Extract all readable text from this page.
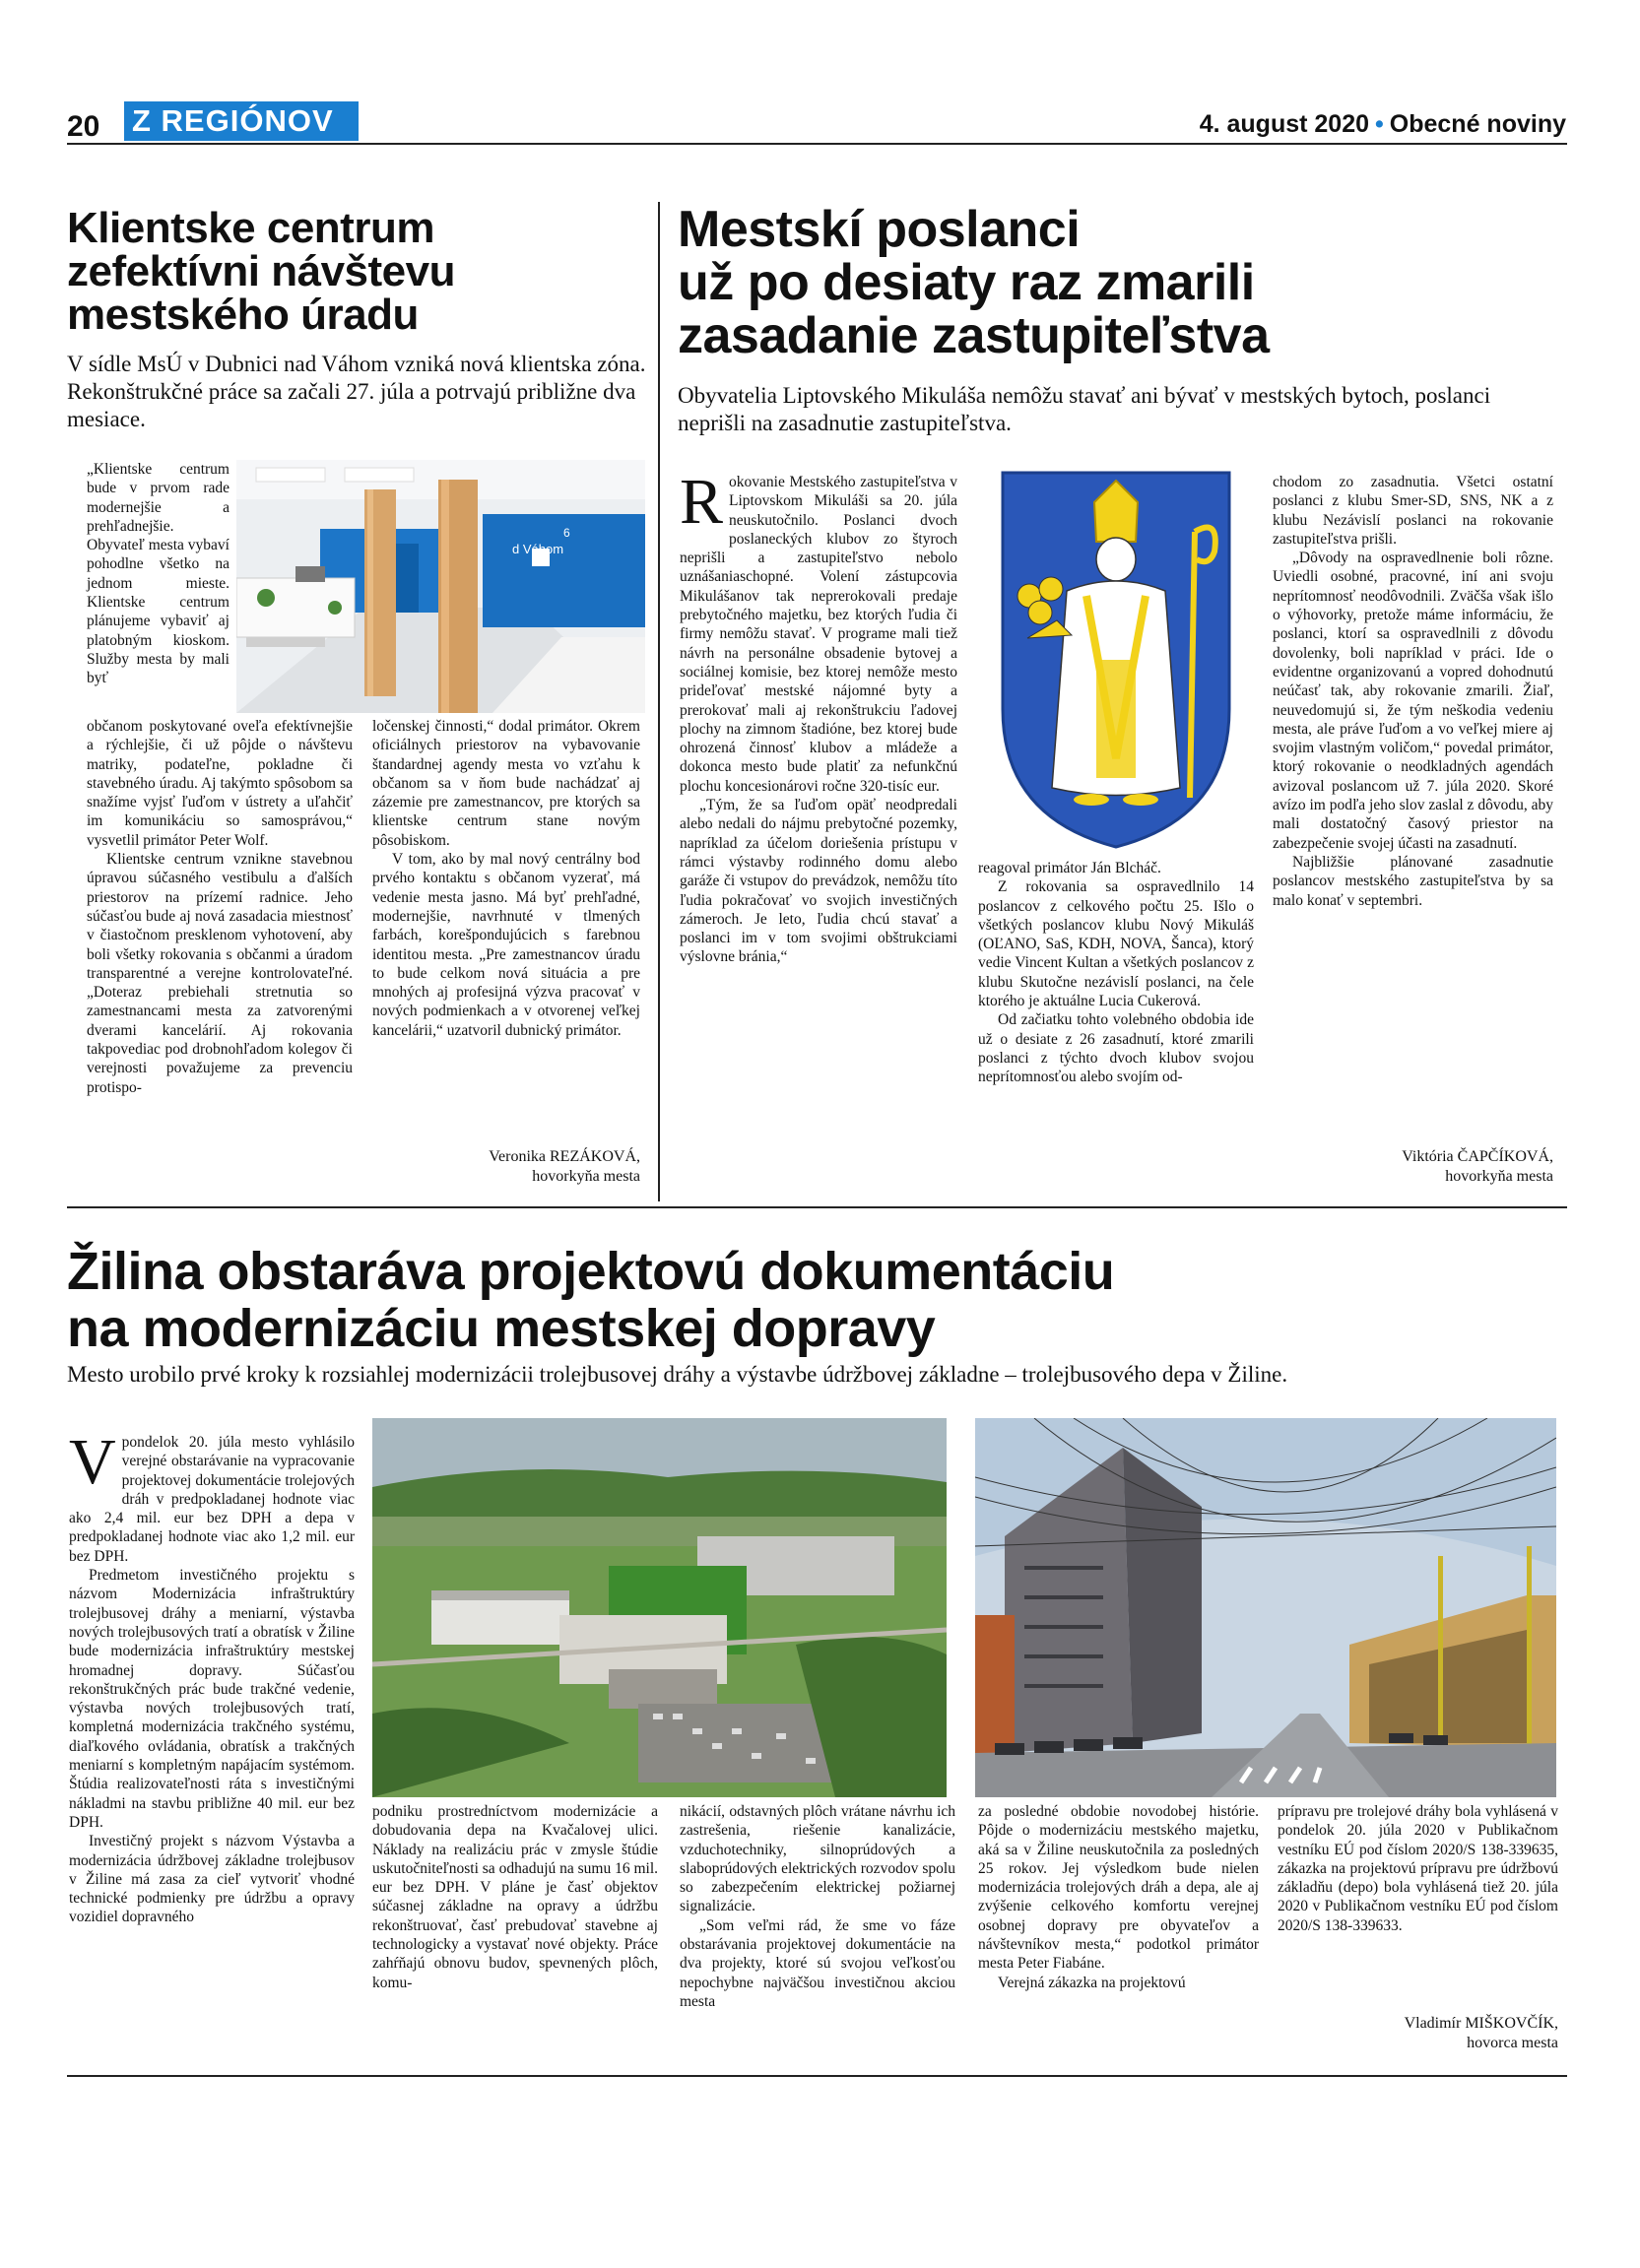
20 Z REGIÓNOV	4. august 2020 • Obecné noviny
Klientske centrum
zefektívni návštevu
mestského úradu
V sídle MsÚ v Dubnici nad Váhom vzniká nová klientska zóna. Rekonštrukčné práce sa začali 27. júla a potrvajú približne dva mesiace.

„Klientske centrum bude v prvom rade modernejšie a prehľadnejšie. Obyvateľ mesta vybaví pohodlne všetko na jednom mieste. Klientske centrum plánujeme vybaviť aj platobným kioskom. Služby mesta by mali byť

d Váhom
6

občanom poskytované oveľa efektívnejšie a rýchlejšie, či už pôjde o návštevu matriky, podateľne, pokladne či stavebného úradu. Aj takýmto spôsobom sa snažíme vyjsť ľuďom v ústrety a uľahčiť im komunikáciu so samosprávou,“ vysvetlil primátor Peter Wolf.

Klientske centrum vznikne stavebnou úpravou súčasného vestibulu a ďalších priestorov na prízemí radnice. Jeho súčasťou bude aj nová zasadacia miestnosť v čiastočnom presklenom vyhotovení, aby boli všetky rokovania s občanmi a úradom transparentné a verejne kontrolovateľné. „Doteraz prebiehali stretnutia so zamestnancami mesta za zatvorenými dverami kancelárií. Aj rokovania takpovediac pod drobnohľadom kolegov či verejnosti považujeme za prevenciu protispo-

ločenskej činnosti,“ dodal primátor. Okrem oficiálnych priestorov na vybavovanie štandardnej agendy mesta vo vzťahu k občanom sa v ňom bude nachádzať aj zázemie pre zamestnancov, pre ktorých sa klientske centrum stane novým pôsobiskom.

V tom, ako by mal nový centrálny bod prvého kontaktu s občanom vyzerať, má vedenie mesta jasno. Má byť prehľadné, modernejšie, navrhnuté v tlmených farbách, korešpondujúcich s farebnou identitou mesta. „Pre zamestnancov úradu to bude celkom nová situácia a pre mnohých aj profesijná výzva pracovať v nových podmienkach a v otvorenej veľkej kancelárii,“ uzatvoril dubnický primátor.

Veronika REZÁKOVÁ,
hovorkyňa mesta
Mestskí poslanci
už po desiaty raz zmarili
zasadanie zastupiteľstva
Obyvatelia Liptovského Mikuláša nemôžu stavať ani bývať v mestských bytoch, poslanci neprišli na zasadnutie zastupiteľstva.

Rokovanie Mestského zastupiteľstva v Liptovskom Mikuláši sa 20. júla neuskutočnilo. Poslanci dvoch poslaneckých klubov zo štyroch neprišli a zastupiteľstvo nebolo uznášaniaschopné. Volení zástupcovia Mikulášanov tak neprerokovali predaje prebytočného majetku, bez ktorých ľudia či firmy nemôžu stavať. V programe mali tiež návrh na personálne obsadenie bytovej a sociálnej komisie, bez ktorej nemôže mesto prideľovať mestské nájomné byty a prerokovať mali aj rekonštrukciu ľadovej plochy na zimnom štadióne, bez ktorej bude ohrozená činnosť klubov a mládeže a dokonca mesto bude platiť za nefunkčnú plochu koncesionárovi ročne 320-tisíc eur.

„Tým, že sa ľuďom opäť neodpredali alebo nedali do nájmu prebytočné pozemky, napríklad za účelom doriešenia prístupu v rámci výstavby rodinného domu alebo garáže či vstupov do prevádzok, nemôžu títo ľudia pokračovať vo svojich investičných zámeroch. Je leto, ľudia chcú stavať a poslanci im v tom svojimi obštrukciami výslovne bránia,“

reagoval primátor Ján Blcháč.

Z rokovania sa ospravedlnilo 14 poslancov z celkového počtu 25. Išlo o všetkých poslancov klubu Nový Mikuláš (OĽANO, SaS, KDH, NOVA, Šanca), ktorý vedie Vincent Kultan a všetkých poslancov z klubu Skutočne nezávislí poslanci, na čele ktorého je aktuálne Lucia Cukerová.

Od začiatku tohto volebného obdobia ide už o desiate z 26 zasadnutí, ktoré zmarili poslanci z týchto dvoch klubov svojou neprítomnosťou alebo svojím od-

chodom zo zasadnutia. Všetci ostatní poslanci z klubu Smer-SD, SNS, NK a z klubu Nezávislí poslanci na rokovanie zastupiteľstva prišli.

„Dôvody na ospravedlnenie boli rôzne. Uviedli osobné, pracovné, iní ani svoju neprítomnosť neodôvodnili. Zväčša však išlo o výhovorky, pretože máme informáciu, že poslanci, ktorí sa ospravedlnili z dôvodu dovolenky, boli napríklad v práci. Ide o evidentne organizovanú a vopred dohodnutú neúčasť tak, aby rokovanie zmarili. Žiaľ, neuvedomujú si, že tým neškodia vedeniu mesta, ale práve ľuďom a vo veľkej miere aj svojim vlastným voličom,“ povedal primátor, ktorý rokovanie o neodkladných agendách avizoval poslancom už 7. júla 2020. Skoré avízo im podľa jeho slov zaslal z dôvodu, aby mali dostatočný časový priestor na zabezpečenie svojej účasti na zasadnutí.

Najbližšie plánované zasadnutie poslancov mestského zastupiteľstva by sa malo konať v septembri.

Viktória ČAPČÍKOVÁ,
hovorkyňa mesta
Žilina obstaráva projektovú dokumentáciu
na modernizáciu mestskej dopravy
Mesto urobilo prvé kroky k rozsiahlej modernizácii trolejbusovej dráhy a výstavbe údržbovej základne – trolejbusového depa v Žiline.

Vpondelok 20. júla mesto vyhlásilo verejné obstarávanie na vypracovanie projektovej dokumentácie trolejových dráh v predpokladanej hodnote viac ako 2,4 mil. eur bez DPH a depa v predpokladanej hodnote viac ako 1,2 mil. eur bez DPH.

Predmetom investičného projektu s názvom Modernizácia infraštruktúry trolejbusovej dráhy a meniarní, výstavba nových trolejbusových tratí a obratísk v Žiline bude modernizácia infraštruktúry mestskej hromadnej dopravy. Súčasťou rekonštrukčných prác bude trakčné vedenie, výstavba nových trolejbusových tratí, kompletná modernizácia trakčného systému, diaľkového ovládania, obratísk a trakčných meniarní s kompletným napájacím systémom. Štúdia realizovateľnosti ráta s investičnými nákladmi na stavbu približne 40 mil. eur bez DPH.

Investičný projekt s názvom Výstavba a modernizácia údržbovej základne trolejbusov v Žiline má zasa za cieľ vytvoriť vhodné technické podmienky pre údržbu a opravy vozidiel dopravného

podniku prostredníctvom modernizácie a dobudovania depa na Kvačalovej ulici. Náklady na realizáciu prác v zmysle štúdie uskutočniteľnosti sa odhadujú na sumu 16 mil. eur bez DPH. V pláne je časť objektov súčasnej základne na opravy a údržbu rekonštruovať, časť prebudovať stavebne aj technologicky a vystavať nové objekty. Práce zahŕňajú obnovu budov, spevnených plôch, komu-

nikácií, odstavných plôch vrátane návrhu ich zastrešenia, riešenie kanalizácie, vzduchotechniky, silnoprúdových a slaboprúdových elektrických rozvodov spolu so zabezpečením elektrickej požiarnej signalizácie.

„Som veľmi rád, že sme vo fáze obstarávania projektovej dokumentácie na dva projekty, ktoré sú svojou veľkosťou nepochybne najväčšou investičnou akciou mesta

za posledné obdobie novodobej histórie. Pôjde o modernizáciu mestského majetku, aká sa v Žiline neuskutočnila za posledných 25 rokov. Jej výsledkom bude nielen modernizácia trolejových dráh a depa, ale aj zvýšenie celkového komfortu verejnej osobnej dopravy pre obyvateľov a návštevníkov mesta,“ podotkol primátor mesta Peter Fiabáne.

Verejná zákazka na projektovú

prípravu pre trolejové dráhy bola vyhlásená v pondelok 20. júla 2020 v Publikačnom vestníku EÚ pod číslom 2020/S 138-339635, zákazka na projektovú prípravu pre údržbovú základňu (depo) bola vyhlásená tiež 20. júla 2020 v Publikačnom vestníku EÚ pod číslom 2020/S 138-339633.

Vladimír MIŠKOVČÍK,
hovorca mesta
